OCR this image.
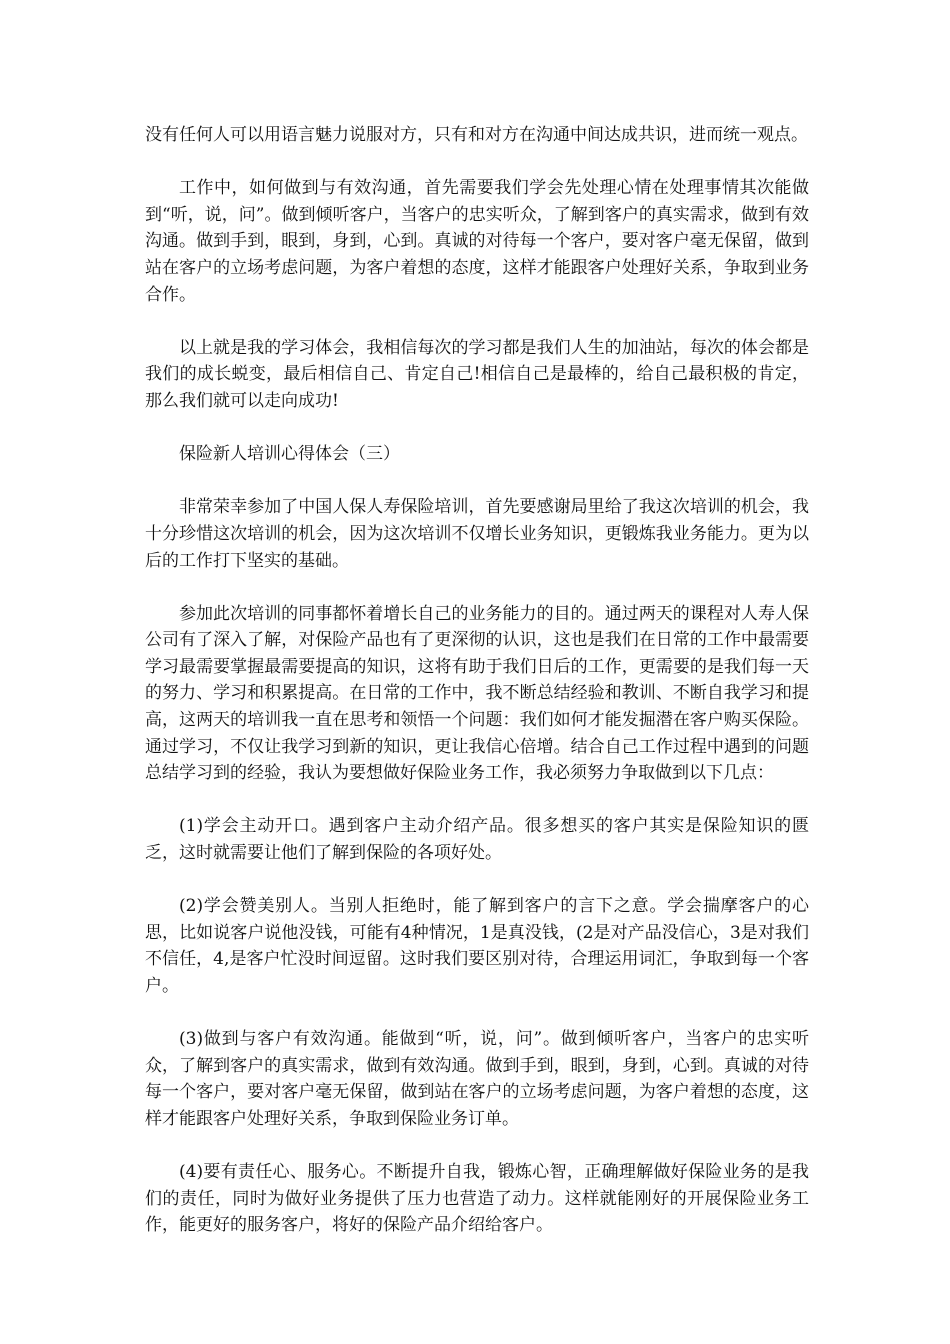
没有任何人可以用语言魅力说服对方，只有和对方在沟通中间达成共识，进而统一观点。

工作中，如何做到与有效沟通，首先需要我们学会先处理心情在处理事情其次能做到“听，说，问”。做到倾听客户，当客户的忠实听众，了解到客户的真实需求，做到有效沟通。做到手到，眼到，身到，心到。真诚的对待每一个客户，要对客户毫无保留，做到站在客户的立场考虑问题，为客户着想的态度，这样才能跟客户处理好关系，争取到业务合作。

以上就是我的学习体会，我相信每次的学习都是我们人生的加油站，每次的体会都是我们的成长蜕变，最后相信自己、肯定自己!相信自己是最棒的，给自己最积极的肯定，那么我们就可以走向成功!

保险新人培训心得体会（三）

非常荣幸参加了中国人保人寿保险培训，首先要感谢局里给了我这次培训的机会，我十分珍惜这次培训的机会，因为这次培训不仅增长业务知识，更锻炼我业务能力。更为以后的工作打下坚实的基础。

参加此次培训的同事都怀着增长自己的业务能力的目的。通过两天的课程对人寿人保公司有了深入了解，对保险产品也有了更深彻的认识，这也是我们在日常的工作中最需要学习最需要掌握最需要提高的知识，这将有助于我们日后的工作，更需要的是我们每一天的努力、学习和积累提高。在日常的工作中，我不断总结经验和教训、不断自我学习和提高，这两天的培训我一直在思考和领悟一个问题：我们如何才能发掘潜在客户购买保险。通过学习，不仅让我学习到新的知识，更让我信心倍增。结合自己工作过程中遇到的问题总结学习到的经验，我认为要想做好保险业务工作，我必须努力争取做到以下几点：

(1)学会主动开口。遇到客户主动介绍产品。很多想买的客户其实是保险知识的匮乏，这时就需要让他们了解到保险的各项好处。

(2)学会赞美别人。当别人拒绝时，能了解到客户的言下之意。学会揣摩客户的心思，比如说客户说他没钱，可能有4种情况，1是真没钱，(2是对产品没信心，3是对我们不信任，4,是客户忙没时间逗留。这时我们要区别对待，合理运用词汇，争取到每一个客户。

(3)做到与客户有效沟通。能做到“听，说，问”。做到倾听客户，当客户的忠实听众，了解到客户的真实需求，做到有效沟通。做到手到，眼到，身到，心到。真诚的对待每一个客户，要对客户毫无保留，做到站在客户的立场考虑问题，为客户着想的态度，这样才能跟客户处理好关系，争取到保险业务订单。

(4)要有责任心、服务心。不断提升自我，锻炼心智，正确理解做好保险业务的是我们的责任，同时为做好业务提供了压力也营造了动力。这样就能刚好的开展保险业务工作，能更好的服务客户，将好的保险产品介绍给客户。
